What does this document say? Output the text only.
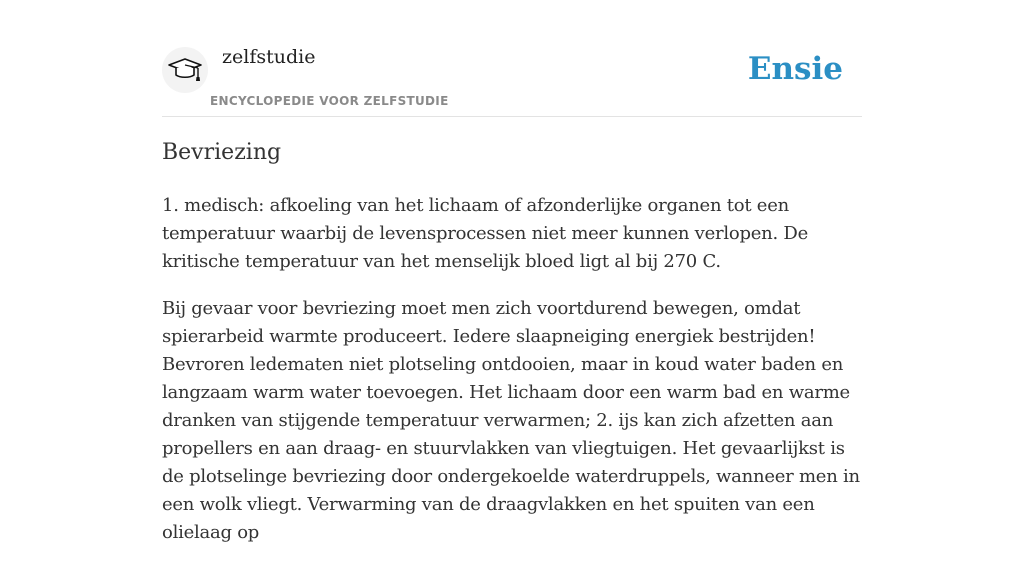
zelfstudie
ENCYCLOPEDIE VOOR ZELFSTUDIE
Ensie
Bevriezing

1. medisch: afkoeling van het lichaam of afzonderlijke organen tot een temperatuur waarbij de levensprocessen niet meer kunnen verlopen. De kritische temperatuur van het menselijk bloed ligt al bij 270 C.

Bij gevaar voor bevriezing moet men zich voortdurend bewegen, omdat spierarbeid warmte produceert. Iedere slaapneiging energiek bestrijden! Bevroren ledematen niet plotseling ontdooien, maar in koud water baden en langzaam warm water toevoegen. Het lichaam door een warm bad en warme dranken van stijgende temperatuur verwarmen; 2. ijs kan zich afzetten aan propellers en aan draag- en stuurvlakken van vliegtuigen. Het gevaarlijkst is de plotselinge bevriezing door ondergekoelde waterdruppels, wanneer men in een wolk vliegt. Verwarming van de draagvlakken en het spuiten van een olielaag op
